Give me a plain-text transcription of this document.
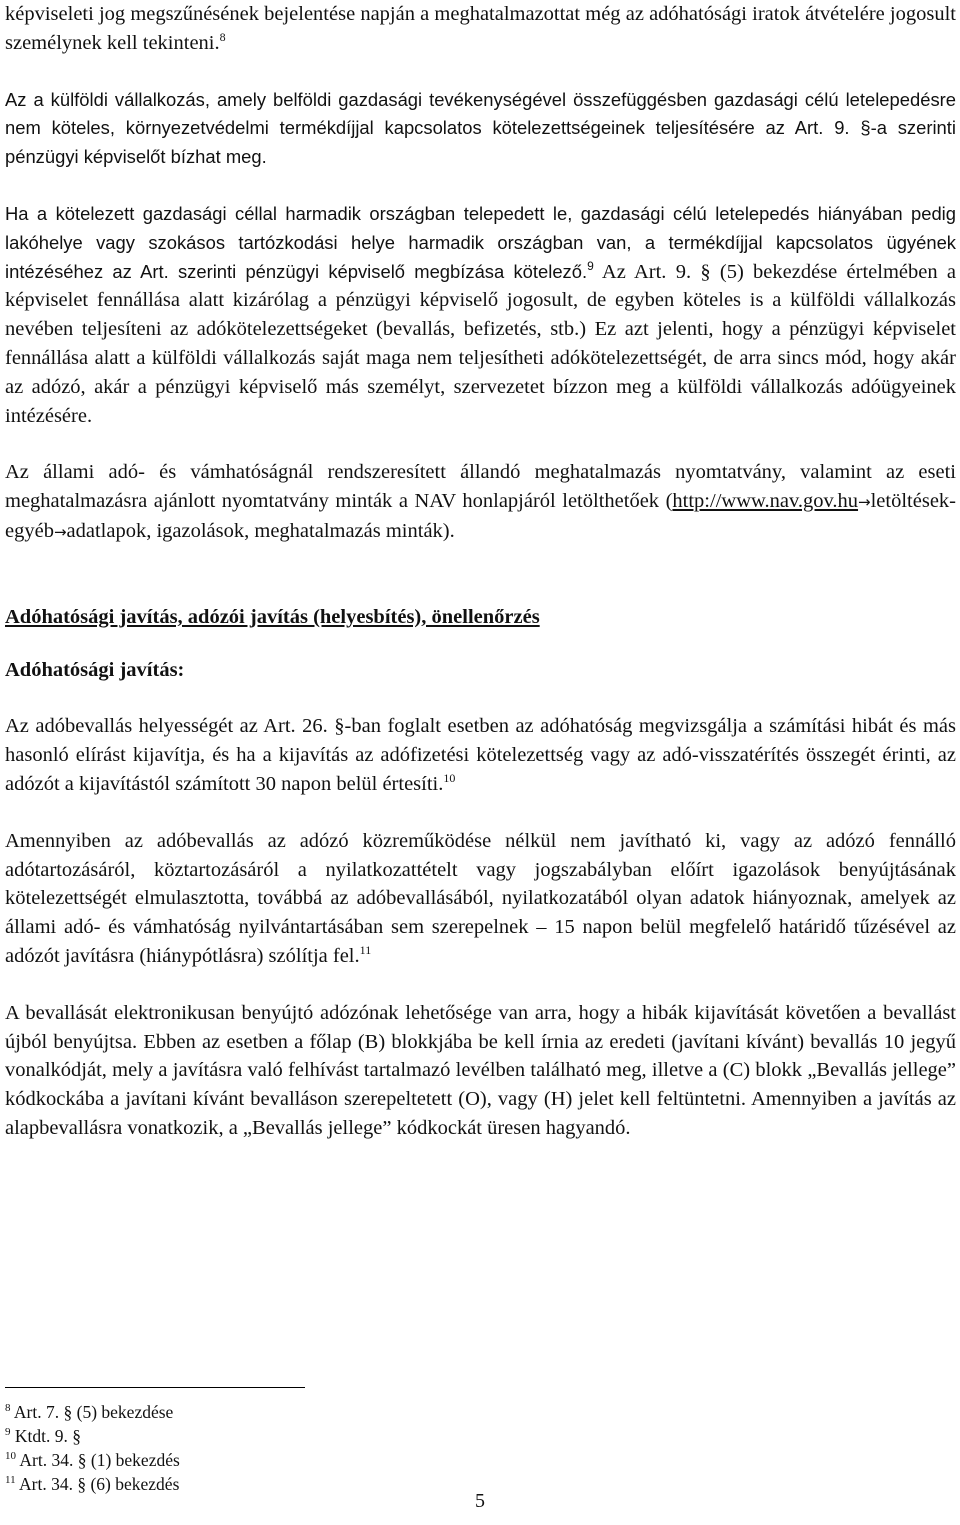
képviseleti jog megszűnésének bejelentése napján a meghatalmazottat még az adóhatósági iratok átvételére jogosult személynek kell tekinteni.$^8$

Az a külföldi vállalkozás, amely belföldi gazdasági tevékenységével összefüggésben gazdasági célú letelepedésre nem köteles, környezetvédelmi termékdíjjal kapcsolatos kötelezettségeinek teljesítésére az Art. 9. §-a szerinti pénzügyi képviselőt bízhat meg.

Ha a kötelezett gazdasági céllal harmadik országban telepedett le, gazdasági célú letelepedés hiányában pedig lakóhelye vagy szokásos tartózkodási helye harmadik országban van, a termékdíjjal kapcsolatos ügyének intézéséhez az Art. szerinti pénzügyi képviselő megbízása kötelező.$^9$ Az Art. 9. § (5) bekezdése értelmében a képviselet fennállása alatt kizárólag a pénzügyi képviselő jogosult, de egyben köteles is a külföldi vállalkozás nevében teljesíteni az adókötelezettségeket (bevallás, befizetés, stb.) Ez azt jelenti, hogy a pénzügyi képviselet fennállása alatt a külföldi vállalkozás saját maga nem teljesítheti adókötelezettségét, de arra sincs mód, hogy akár az adózó, akár a pénzügyi képviselő más személyt, szervezetet bízzon meg a külföldi vállalkozás adóügyeinek intézésére.

Az állami adó- és vámhatóságnál rendszeresített állandó meghatalmazás nyomtatvány, valamint az eseti meghatalmazásra ajánlott nyomtatvány minták a NAV honlapjáról letölthetőek (http://www.nav.gov.hu→letöltések-egyéb→adatlapok, igazolások, meghatalmazás minták).

Adóhatósági javítás, adózói javítás (helyesbítés), önellenőrzés

Adóhatósági javítás:

Az adóbevallás helyességét az Art. 26. §-ban foglalt esetben az adóhatóság megvizsgálja a számítási hibát és más hasonló elírást kijavítja, és ha a kijavítás az adófizetési kötelezettség vagy az adó-visszatérítés összegét érinti, az adózót a kijavítástól számított 30 napon belül értesíti.$^{10}$

Amennyiben az adóbevallás az adózó közreműködése nélkül nem javítható ki, vagy az adózó fennálló adótartozásáról, köztartozásáról a nyilatkozattételt vagy jogszabályban előírt igazolások benyújtásának kötelezettségét elmulasztotta, továbbá az adóbevallásából, nyilatkozatából olyan adatok hiányoznak, amelyek az állami adó- és vámhatóság nyilvántartásában sem szerepelnek – 15 napon belül megfelelő határidő tűzésével az adózót javításra (hiánypótlásra) szólítja fel.$^{11}$

A bevallását elektronikusan benyújtó adózónak lehetősége van arra, hogy a hibák kijavítását követően a bevallást újból benyújtsa. Ebben az esetben a főlap (B) blokkjába be kell írnia az eredeti (javítani kívánt) bevallás 10 jegyű vonalkódját, mely a javításra való felhívást tartalmazó levélben található meg, illetve a (C) blokk „Bevallás jellege” kódkockába a javítani kívánt bevalláson szerepeltetett (O), vagy (H) jelet kell feltüntetni. Amennyiben a javítás az alapbevallásra vonatkozik, a „Bevallás jellege” kódkockát üresen hagyandó.

$^8$ Art. 7. § (5) bekezdése
$^9$ Ktdt. 9. §
$^{10}$ Art. 34. § (1) bekezdés
$^{11}$ Art. 34. § (6) bekezdés
5
